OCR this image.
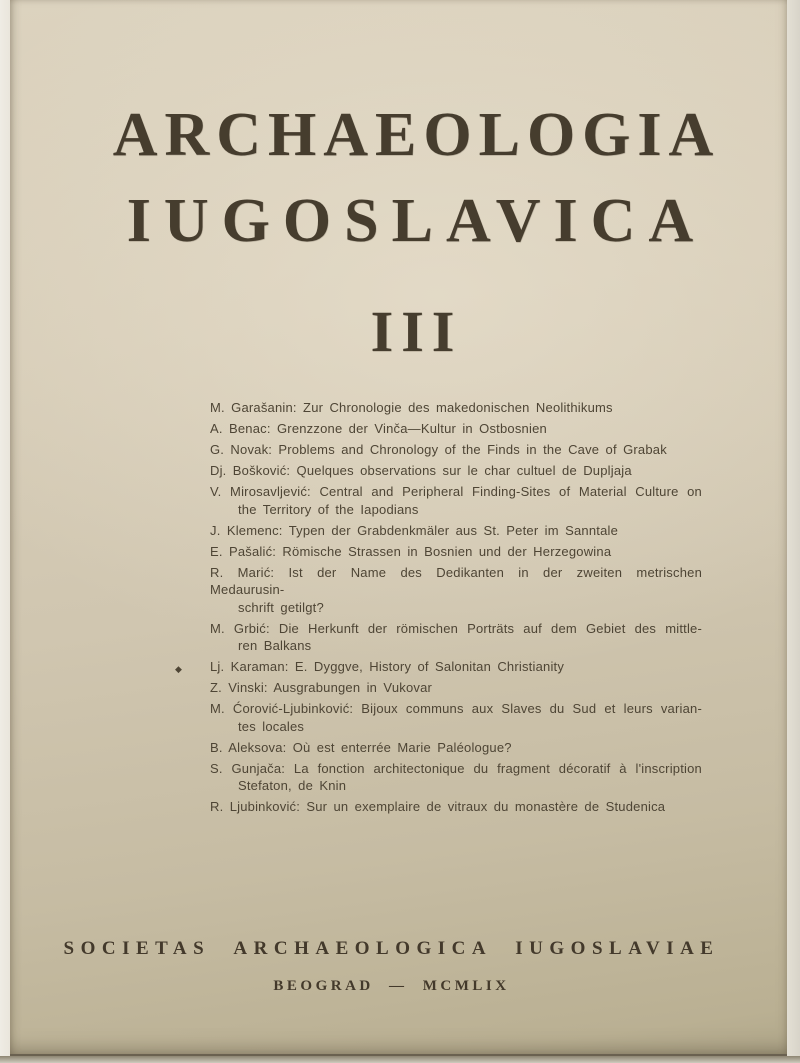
ARCHAEOLOGIA
IUGOSLAVICA
III
M. Garašanin: Zur Chronologie des makedonischen Neolithikums
A. Benac: Grenzzone der Vinča—Kultur in Ostbosnien
G. Novak: Problems and Chronology of the Finds in the Cave of Grabak
Dj. Bošković: Quelques observations sur le char cultuel de Dupljaja
V. Mirosavljević: Central and Peripheral Finding-Sites of Material Culture on
the Territory of the Iapodians
J. Klemenc: Typen der Grabdenkmäler aus St. Peter im Sanntale
E. Pašalić: Römische Strassen in Bosnien und der Herzegowina
R. Marić: Ist der Name des Dedikanten in der zweiten metrischen Medaurusin-
schrift getilgt?
M. Grbić: Die Herkunft der römischen Porträts auf dem Gebiet des mittle-
ren Balkans
◆ Lj. Karaman: E. Dyggve, History of Salonitan Christianity
Z. Vinski: Ausgrabungen in Vukovar
M. Ćorović-Ljubinković: Bijoux communs aux Slaves du Sud et leurs varian-
tes locales
B. Aleksova: Où est enterrée Marie Paléologue?
S. Gunjača: La fonction architectonique du fragment décoratif à l'inscription
Stefaton, de Knin
R. Ljubinković: Sur un exemplaire de vitraux du monastère de Studenica
SOCIETAS ARCHAEOLOGICA IUGOSLAVIAE
BEOGRAD — MCMLIX
